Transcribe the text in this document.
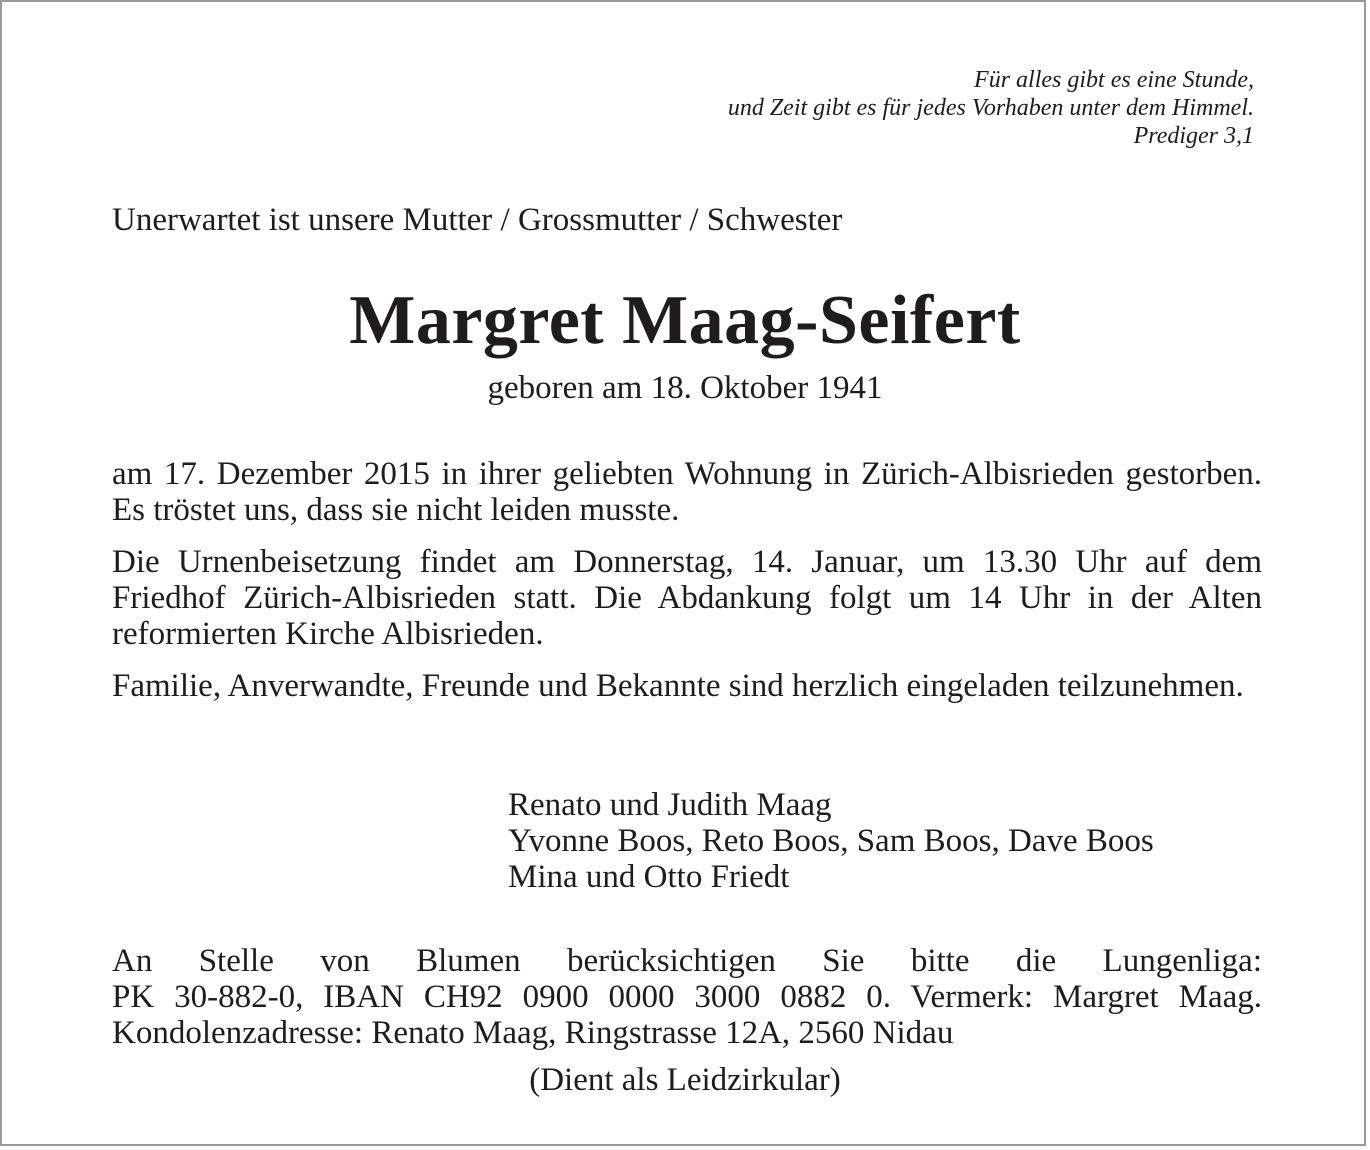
Für alles gibt es eine Stunde,
und Zeit gibt es für jedes Vorhaben unter dem Himmel.
Prediger 3,1
Unerwartet ist unsere Mutter / Grossmutter / Schwester
Margret Maag-Seifert
geboren am 18. Oktober 1941

am 17. Dezember 2015 in ihrer geliebten Wohnung in Zürich-Albisrieden gestorben. Es tröstet uns, dass sie nicht leiden musste.

Die Urnenbeisetzung findet am Donnerstag, 14. Januar, um 13.30 Uhr auf dem Friedhof Zürich-Albisrieden statt. Die Abdankung folgt um 14 Uhr in der Alten reformierten Kirche Albisrieden.

Familie, Anverwandte, Freunde und Bekannte sind herzlich eingeladen teilzunehmen.

Renato und Judith Maag
Yvonne Boos, Reto Boos, Sam Boos, Dave Boos
Mina und Otto Friedt
An Stelle von Blumen berücksichtigen Sie bitte die Lungenliga:
PK 30-882-0, IBAN CH92 0900 0000 3000 0882 0. Vermerk: Margret Maag.
Kondolenzadresse: Renato Maag, Ringstrasse 12A, 2560 Nidau
(Dient als Leidzirkular)
